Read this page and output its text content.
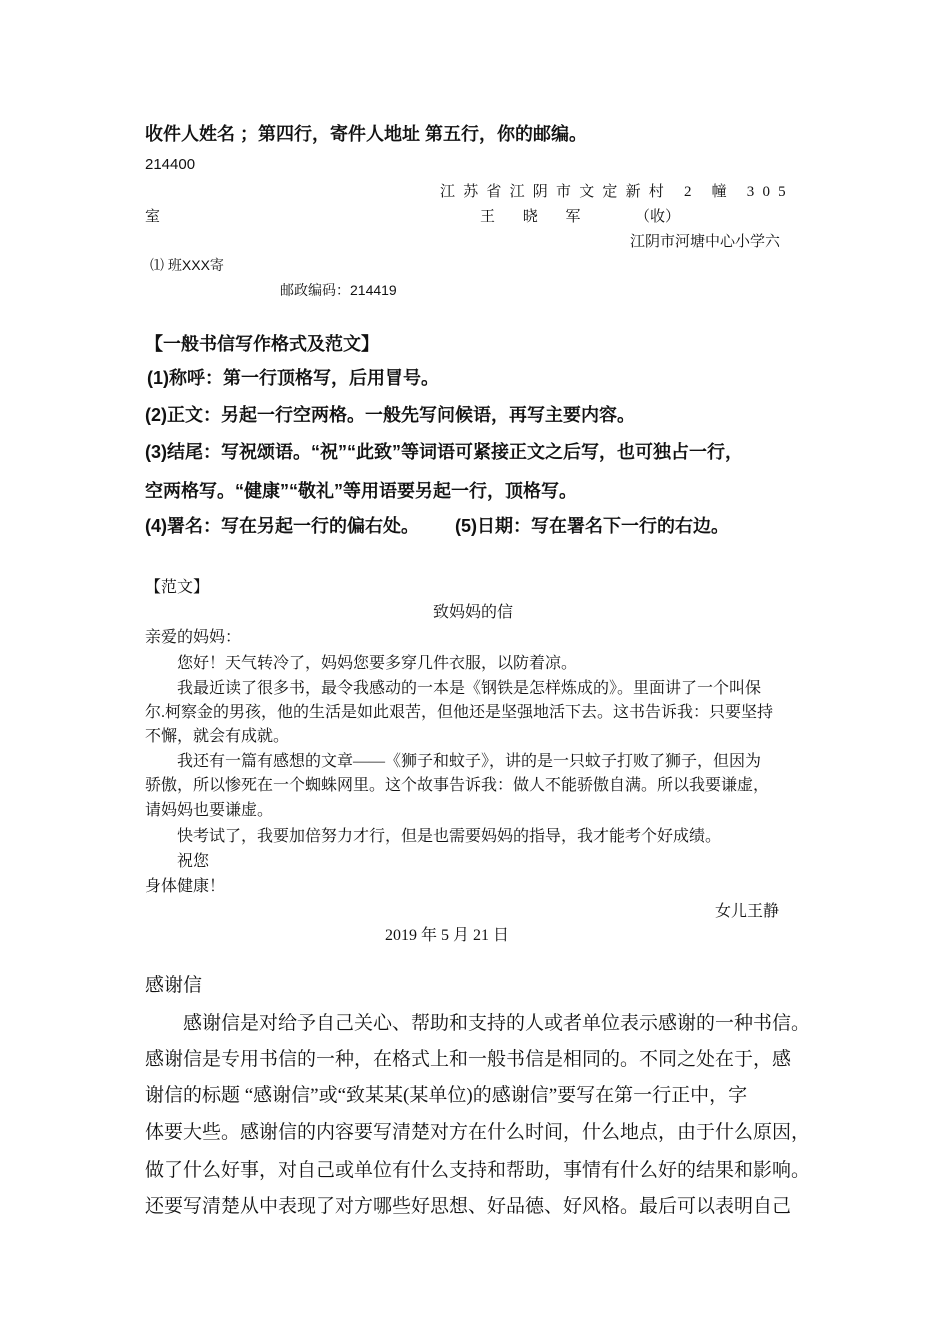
收件人姓名 ；第四行，寄件人地址 第五行，你的邮编。
214400
江苏省江阴市文定新村 2 幢 305
室	王 晓 军	（收）
江阴市河塘中心小学六
⑴ 班XXX寄
邮政编码：214419
【一般书信写作格式及范文】
(1)称呼：第一行顶格写，后用冒号。
(2)正文：另起一行空两格。一般先写问候语，再写主要内容。
(3)结尾：写祝颂语。“祝”“此致”等词语可紧接正文之后写，也可独占一行，
空两格写。“健康”“敬礼”等用语要另起一行，顶格写。
(4)署名：写在另起一行的偏右处。 (5)日期：写在署名下一行的右边。
【范文】
致妈妈的信
亲爱的妈妈：
您好！天气转冷了，妈妈您要多穿几件衣服，以防着凉。
我最近读了很多书，最令我感动的一本是《钢铁是怎样炼成的》。里面讲了一个叫保
尔.柯察金的男孩，他的生活是如此艰苦，但他还是坚强地活下去。这书告诉我：只要坚持
不懈，就会有成就。
我还有一篇有感想的文章——《狮子和蚊子》，讲的是一只蚊子打败了狮子，但因为
骄傲，所以惨死在一个蜘蛛网里。这个故事告诉我：做人不能骄傲自满。所以我要谦虚，
请妈妈也要谦虚。
快考试了，我要加倍努力才行，但是也需要妈妈的指导，我才能考个好成绩。
祝您
身体健康！
女儿王静
2019 年 5 月 21 日
感谢信
感谢信是对给予自己关心、帮助和支持的人或者单位表示感谢的一种书信。
感谢信是专用书信的一种，在格式上和一般书信是相同的。不同之处在于，感
谢信的标题 “感谢信”或“致某某(某单位)的感谢信”要写在第一行正中，字
体要大些。感谢信的内容要写清楚对方在什么时间，什么地点，由于什么原因，
做了什么好事，对自己或单位有什么支持和帮助，事情有什么好的结果和影响。
还要写清楚从中表现了对方哪些好思想、好品德、好风格。最后可以表明自己
